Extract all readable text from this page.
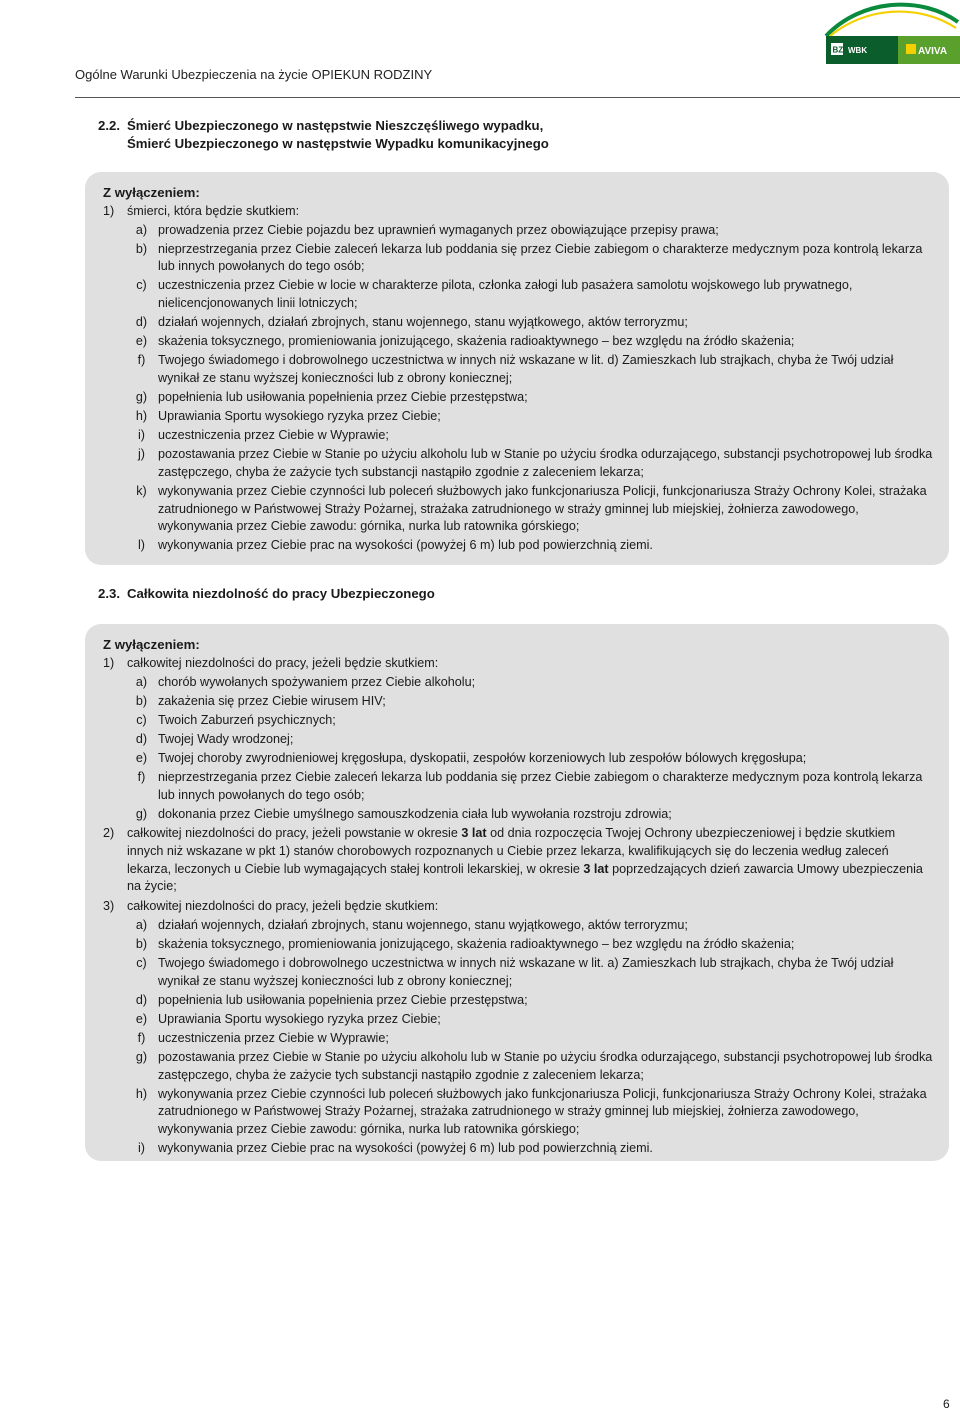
Ogólne Warunki Ubezpieczenia na życie OPIEKUN RODZINY
BZ WBK	AVIVA
2.2. Śmierć Ubezpieczonego w następstwie Nieszczęśliwego wypadku,
Śmierć Ubezpieczonego w następstwie Wypadku komunikacyjnego
Z wyłączeniem:
1)	śmierci, która będzie skutkiem:
a) prowadzenia przez Ciebie pojazdu bez uprawnień wymaganych przez obowiązujące przepisy prawa;
b) nieprzestrzegania przez Ciebie zaleceń lekarza lub poddania się przez Ciebie zabiegom o charakterze medycznym poza kontrolą lekarza lub innych powołanych do tego osób;
c) uczestniczenia przez Ciebie w locie w charakterze pilota, członka załogi lub pasażera samolotu wojskowego lub prywatnego, nielicencjonowanych linii lotniczych;
d) działań wojennych, działań zbrojnych, stanu wojennego, stanu wyjątkowego, aktów terroryzmu;
e) skażenia toksycznego, promieniowania jonizującego, skażenia radioaktywnego – bez względu na źródło skażenia;
f)	Twojego świadomego i dobrowolnego uczestnictwa w innych niż wskazane w lit. d) Zamieszkach lub strajkach, chyba że Twój udział wynikał ze stanu wyższej konieczności lub z obrony koniecznej;
g) popełnienia lub usiłowania popełnienia przez Ciebie przestępstwa;
h) Uprawiania Sportu wysokiego ryzyka przez Ciebie;
i)	uczestniczenia przez Ciebie w Wyprawie;
j)	pozostawania przez Ciebie w Stanie po użyciu alkoholu lub w Stanie po użyciu środka odurzającego, substancji psychotropowej lub środka zastępczego, chyba że zażycie tych substancji nastąpiło zgodnie z zaleceniem lekarza;
k) wykonywania przez Ciebie czynności lub poleceń służbowych jako funkcjonariusza Policji, funkcjonariusza Straży Ochrony Kolei, strażaka zatrudnionego w Państwowej Straży Pożarnej, strażaka zatrudnionego w straży gminnej lub miejskiej, żołnierza zawodowego, wykonywania przez Ciebie zawodu: górnika, nurka lub ratownika górskiego;
l)	wykonywania przez Ciebie prac na wysokości (powyżej 6 m) lub pod powierzchnią ziemi.
2.3. Całkowita niezdolność do pracy Ubezpieczonego
Z wyłączeniem:
1)	całkowitej niezdolności do pracy, jeżeli będzie skutkiem:
a) chorób wywołanych spożywaniem przez Ciebie alkoholu;
b) zakażenia się przez Ciebie wirusem HIV;
c) Twoich Zaburzeń psychicznych;
d) Twojej Wady wrodzonej;
e) Twojej choroby zwyrodnieniowej kręgosłupa, dyskopatii, zespołów korzeniowych lub zespołów bólowych kręgosłupa;
f)	nieprzestrzegania przez Ciebie zaleceń lekarza lub poddania się przez Ciebie zabiegom o charakterze medycznym poza kontrolą lekarza lub innych powołanych do tego osób;
g) dokonania przez Ciebie umyślnego samouszkodzenia ciała lub wywołania rozstroju zdrowia;
2)	całkowitej niezdolności do pracy, jeżeli powstanie w okresie 3 lat od dnia rozpoczęcia Twojej Ochrony ubezpieczeniowej i będzie skutkiem innych niż wskazane w pkt 1) stanów chorobowych rozpoznanych u Ciebie przez lekarza, kwalifikujących się do leczenia według zaleceń lekarza, leczonych u Ciebie lub wymagających stałej kontroli lekarskiej, w okresie 3 lat poprzedzających dzień zawarcia Umowy ubezpieczenia na życie;
3)	całkowitej niezdolności do pracy, jeżeli będzie skutkiem:
a) działań wojennych, działań zbrojnych, stanu wojennego, stanu wyjątkowego, aktów terroryzmu;
b) skażenia toksycznego, promieniowania jonizującego, skażenia radioaktywnego – bez względu na źródło skażenia;
c) Twojego świadomego i dobrowolnego uczestnictwa w innych niż wskazane w lit. a) Zamieszkach lub strajkach, chyba że Twój udział wynikał ze stanu wyższej konieczności lub z obrony koniecznej;
d) popełnienia lub usiłowania popełnienia przez Ciebie przestępstwa;
e) Uprawiania Sportu wysokiego ryzyka przez Ciebie;
f)	uczestniczenia przez Ciebie w Wyprawie;
g) pozostawania przez Ciebie w Stanie po użyciu alkoholu lub w Stanie po użyciu środka odurzającego, substancji psychotropowej lub środka zastępczego, chyba że zażycie tych substancji nastąpiło zgodnie z zaleceniem lekarza;
h) wykonywania przez Ciebie czynności lub poleceń służbowych jako funkcjonariusza Policji, funkcjonariusza Straży Ochrony Kolei, strażaka zatrudnionego w Państwowej Straży Pożarnej, strażaka zatrudnionego w straży gminnej lub miejskiej, żołnierza zawodowego, wykonywania przez Ciebie zawodu: górnika, nurka lub ratownika górskiego;
i)	wykonywania przez Ciebie prac na wysokości (powyżej 6 m) lub pod powierzchnią ziemi.
6
